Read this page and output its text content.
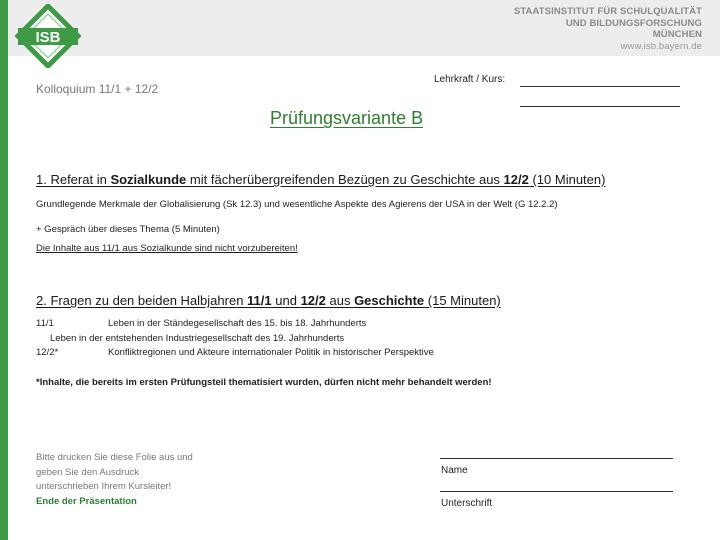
ISB
STAATSINSTITUT FÜR SCHULQUALITÄT
UND BILDUNGSFORSCHUNG
MÜNCHEN
www.isb.bayern.de
Kolloquium 11/1 + 12/2
Lehrkraft / Kurs:
Prüfungsvariante B
1. Referat in Sozialkunde mit fächerübergreifenden Bezügen zu Geschichte aus 12/2 (10 Minuten)
Grundlegende Merkmale der Globalisierung (Sk 12.3) und wesentliche Aspekte des Agierens der USA in der Welt (G 12.2.2)
+ Gespräch über dieses Thema (5 Minuten)
Die Inhalte aus 11/1 aus Sozialkunde sind nicht vorzubereiten!
2. Fragen zu den beiden Halbjahren 11/1 und 12/2 aus Geschichte (15 Minuten)
11/1	Leben in der Ständegesellschaft des 15. bis 18. Jahrhunderts
Leben in der entstehenden Industriegesellschaft des 19. Jahrhunderts
12/2*	Konfliktregionen und Akteure internationaler Politik in historischer Perspektive
*Inhalte, die bereits im ersten Prüfungsteil thematisiert wurden, dürfen nicht mehr behandelt werden!
Bitte drucken Sie diese Folie aus und
geben Sie den Ausdruck
unterschrieben Ihrem Kursleiter!
Ende der Präsentation
Name
Unterschrift
